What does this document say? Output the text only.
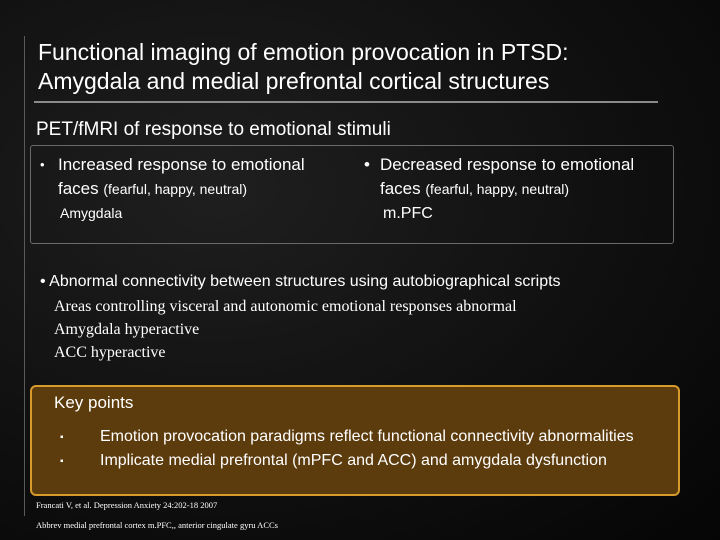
Functional imaging of emotion provocation in PTSD:
Amygdala and medial prefrontal cortical structures
PET/fMRI of response to emotional stimuli
• Increased response to emotional
faces (fearful, happy, neutral)
Amygdala
• Decreased response to emotional
faces (fearful, happy, neutral)
m.PFC
• Abnormal connectivity between structures using autobiographical scripts
Areas controlling visceral and autonomic emotional responses abnormal
Amygdala hyperactive
ACC hyperactive
Key points
▪ Emotion provocation paradigms reflect functional connectivity abnormalities
▪ Implicate medial prefrontal (mPFC and ACC) and amygdala dysfunction
Francati V, et al. Depression Anxiety 24:202-18 2007
Abbrev medial prefrontal cortex m.PFC,, anterior cingulate gyru ACCs
